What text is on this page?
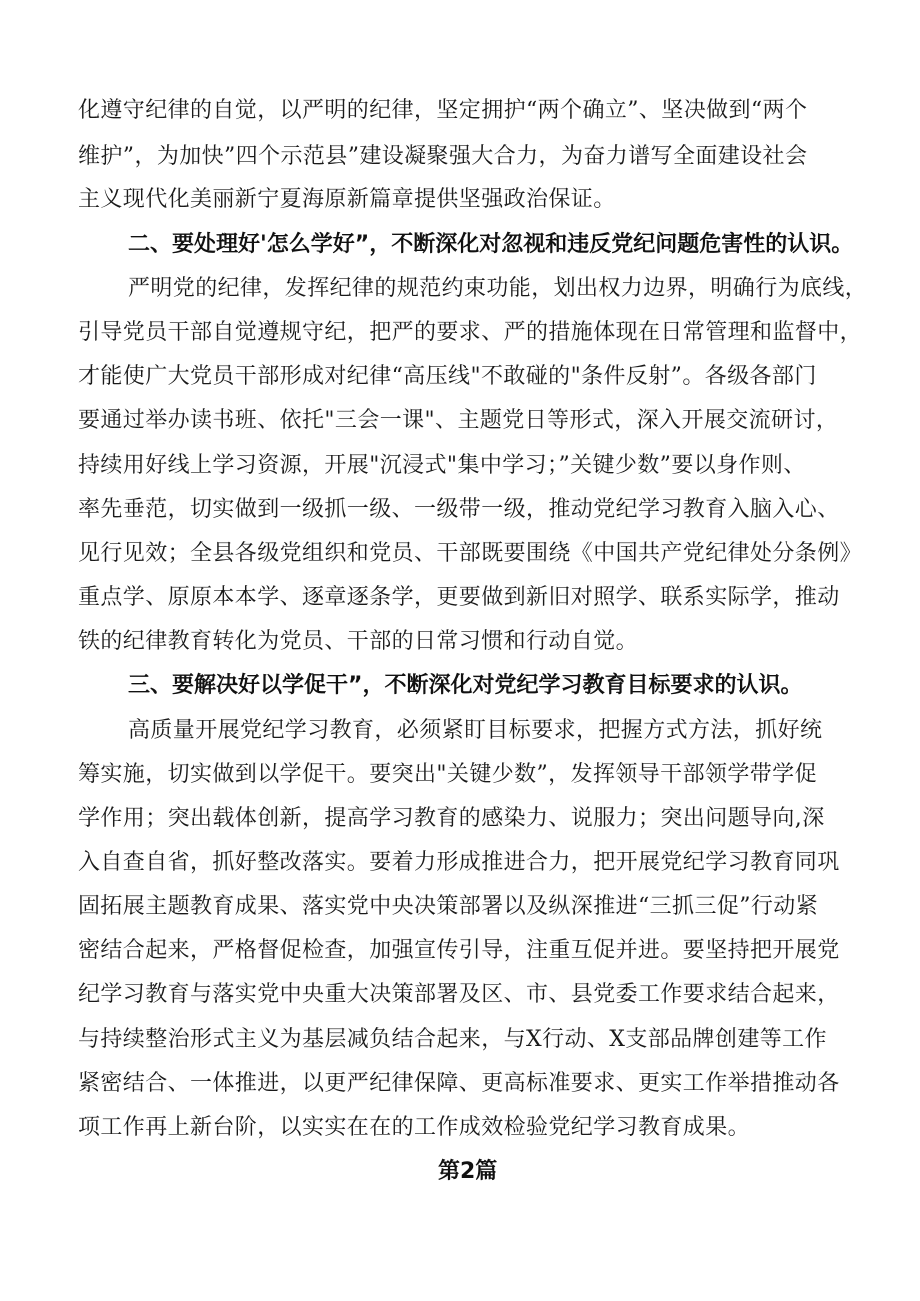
化遵守纪律的自觉，以严明的纪律，坚定拥护“两个确立”、坚决做到“两个

维护”，为加快”四个示范县”建设凝聚强大合力，为奋力谱写全面建设社会

主义现代化美丽新宁夏海原新篇章提供坚强政治保证。

二、要处理好'怎么学好”，不断深化对忽视和违反党纪问题危害性的认识。

严明党的纪律，发挥纪律的规范约束功能，划出权力边界，明确行为底线，

引导党员干部自觉遵规守纪，把严的要求、严的措施体现在日常管理和监督中，

才能使广大党员干部形成对纪律“高压线"不敢碰的"条件反射”。各级各部门

要通过举办读书班、依托"三会一课"、主题党日等形式，深入开展交流研讨，

持续用好线上学习资源，开展"沉浸式"集中学习；”关键少数”要以身作则、

率先垂范，切实做到一级抓一级、一级带一级，推动党纪学习教育入脑入心、

见行见效；全县各级党组织和党员、干部既要围绕《中国共产党纪律处分条例》

重点学、原原本本学、逐章逐条学，更要做到新旧对照学、联系实际学，推动

铁的纪律教育转化为党员、干部的日常习惯和行动自觉。

三、要解决好以学促干”，不断深化对党纪学习教育目标要求的认识。

高质量开展党纪学习教育，必须紧盯目标要求，把握方式方法，抓好统

筹实施，切实做到以学促干。要突出"关键少数”，发挥领导干部领学带学促

学作用；突出载体创新，提高学习教育的感染力、说服力；突出问题导向,深

入自查自省，抓好整改落实。要着力形成推进合力，把开展党纪学习教育同巩

固拓展主题教育成果、落实党中央决策部署以及纵深推进“三抓三促”行动紧

密结合起来，严格督促检查，加强宣传引导，注重互促并进。要坚持把开展党

纪学习教育与落实党中央重大决策部署及区、市、县党委工作要求结合起来，

与持续整治形式主义为基层减负结合起来，与X行动、X支部品牌创建等工作

紧密结合、一体推进，以更严纪律保障、更高标准要求、更实工作举措推动各

项工作再上新台阶，以实实在在的工作成效检验党纪学习教育成果。

第2篇
